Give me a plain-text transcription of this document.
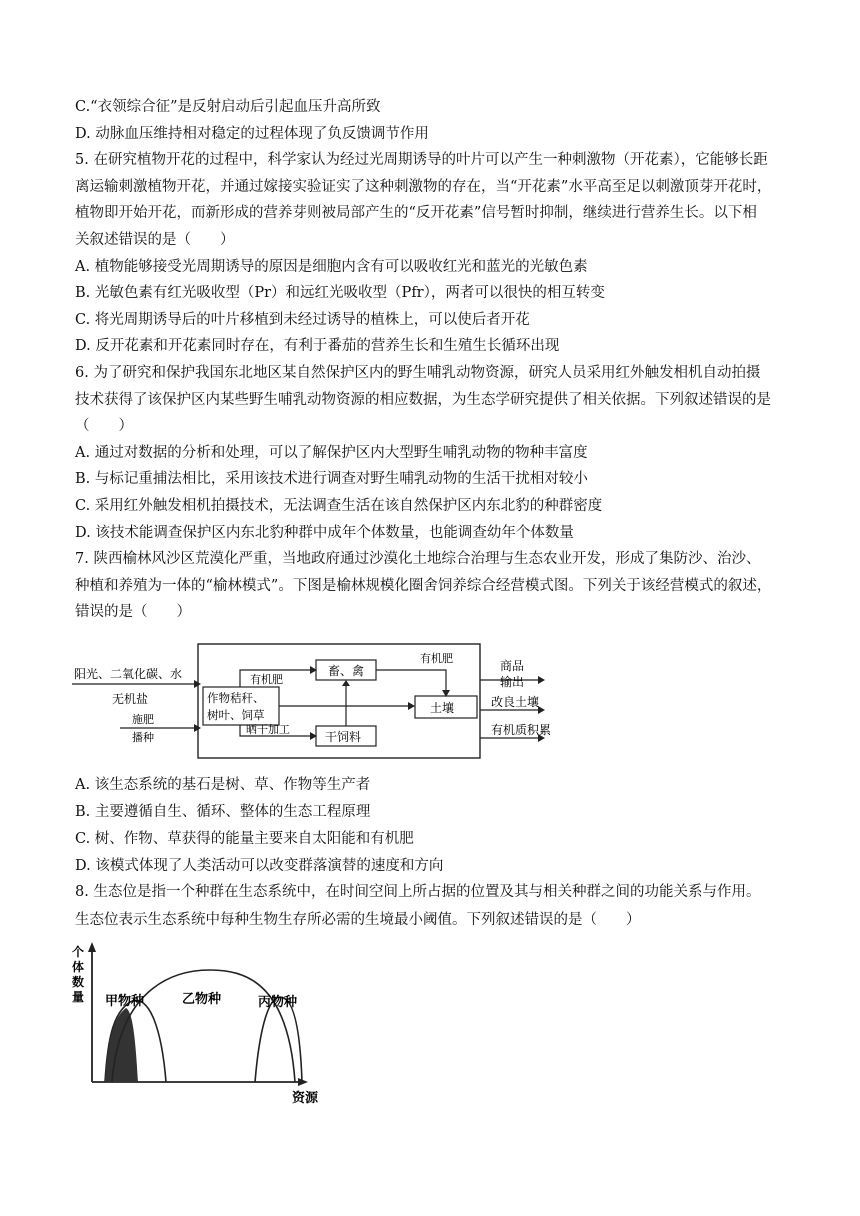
C.“衣领综合征”是反射启动后引起血压升高所致
D. 动脉血压维持相对稳定的过程体现了负反馈调节作用
5. 在研究植物开花的过程中，科学家认为经过光周期诱导的叶片可以产生一种刺激物（开花素），它能够长距
离运输刺激植物开花，并通过嫁接实验证实了这种刺激物的存在，当“开花素”水平高至足以刺激顶芽开花时，
植物即开始开花，而新形成的营养芽则被局部产生的“反开花素”信号暂时抑制，继续进行营养生长。以下相
关叙述错误的是（　　）
A. 植物能够接受光周期诱导的原因是细胞内含有可以吸收红光和蓝光的光敏色素
B. 光敏色素有红光吸收型（Pr）和远红光吸收型（Pfr），两者可以很快的相互转变
C. 将光周期诱导后的叶片移植到未经过诱导的植株上，可以使后者开花
D. 反开花素和开花素同时存在，有利于番茄的营养生长和生殖生长循环出现
6. 为了研究和保护我国东北地区某自然保护区内的野生哺乳动物资源，研究人员采用红外触发相机自动拍摄
技术获得了该保护区内某些野生哺乳动物资源的相应数据，为生态学研究提供了相关依据。下列叙述错误的是
（　　）
A. 通过对数据的分析和处理，可以了解保护区内大型野生哺乳动物的物种丰富度
B. 与标记重捕法相比，采用该技术进行调查对野生哺乳动物的生活干扰相对较小
C. 采用红外触发相机拍摄技术，无法调查生活在该自然保护区内东北豹的种群密度
D. 该技术能调查保护区内东北豹种群中成年个体数量，也能调查幼年个体数量
7. 陕西榆林风沙区荒漠化严重，当地政府通过沙漠化土地综合治理与生态农业开发，形成了集防沙、治沙、
种植和养殖为一体的“榆林模式”。下图是榆林规模化圈舍饲养综合经营模式图。下列关于该经营模式的叙述，
错误的是（　　）
阳光、二氧化碳、水
无机盐
施肥
播种
作物秸秆、
树叶、饲草
畜、禽
土壤
干饲料
有机肥
有机肥
晒干加工
商品
输出
改良土壤
有机质积累
A. 该生态系统的基石是树、草、作物等生产者
B. 主要遵循自生、循环、整体的生态工程原理
C. 树、作物、草获得的能量主要来自太阳能和有机肥
D. 该模式体现了人类活动可以改变群落演替的速度和方向
8. 生态位是指一个种群在生态系统中，在时间空间上所占据的位置及其与相关种群之间的功能关系与作用。
生态位表示生态系统中每种生物生存所必需的生境最小阈值。下列叙述错误的是（　　）
个
体
数
量 甲物种	乙物种	丙物种
资源
